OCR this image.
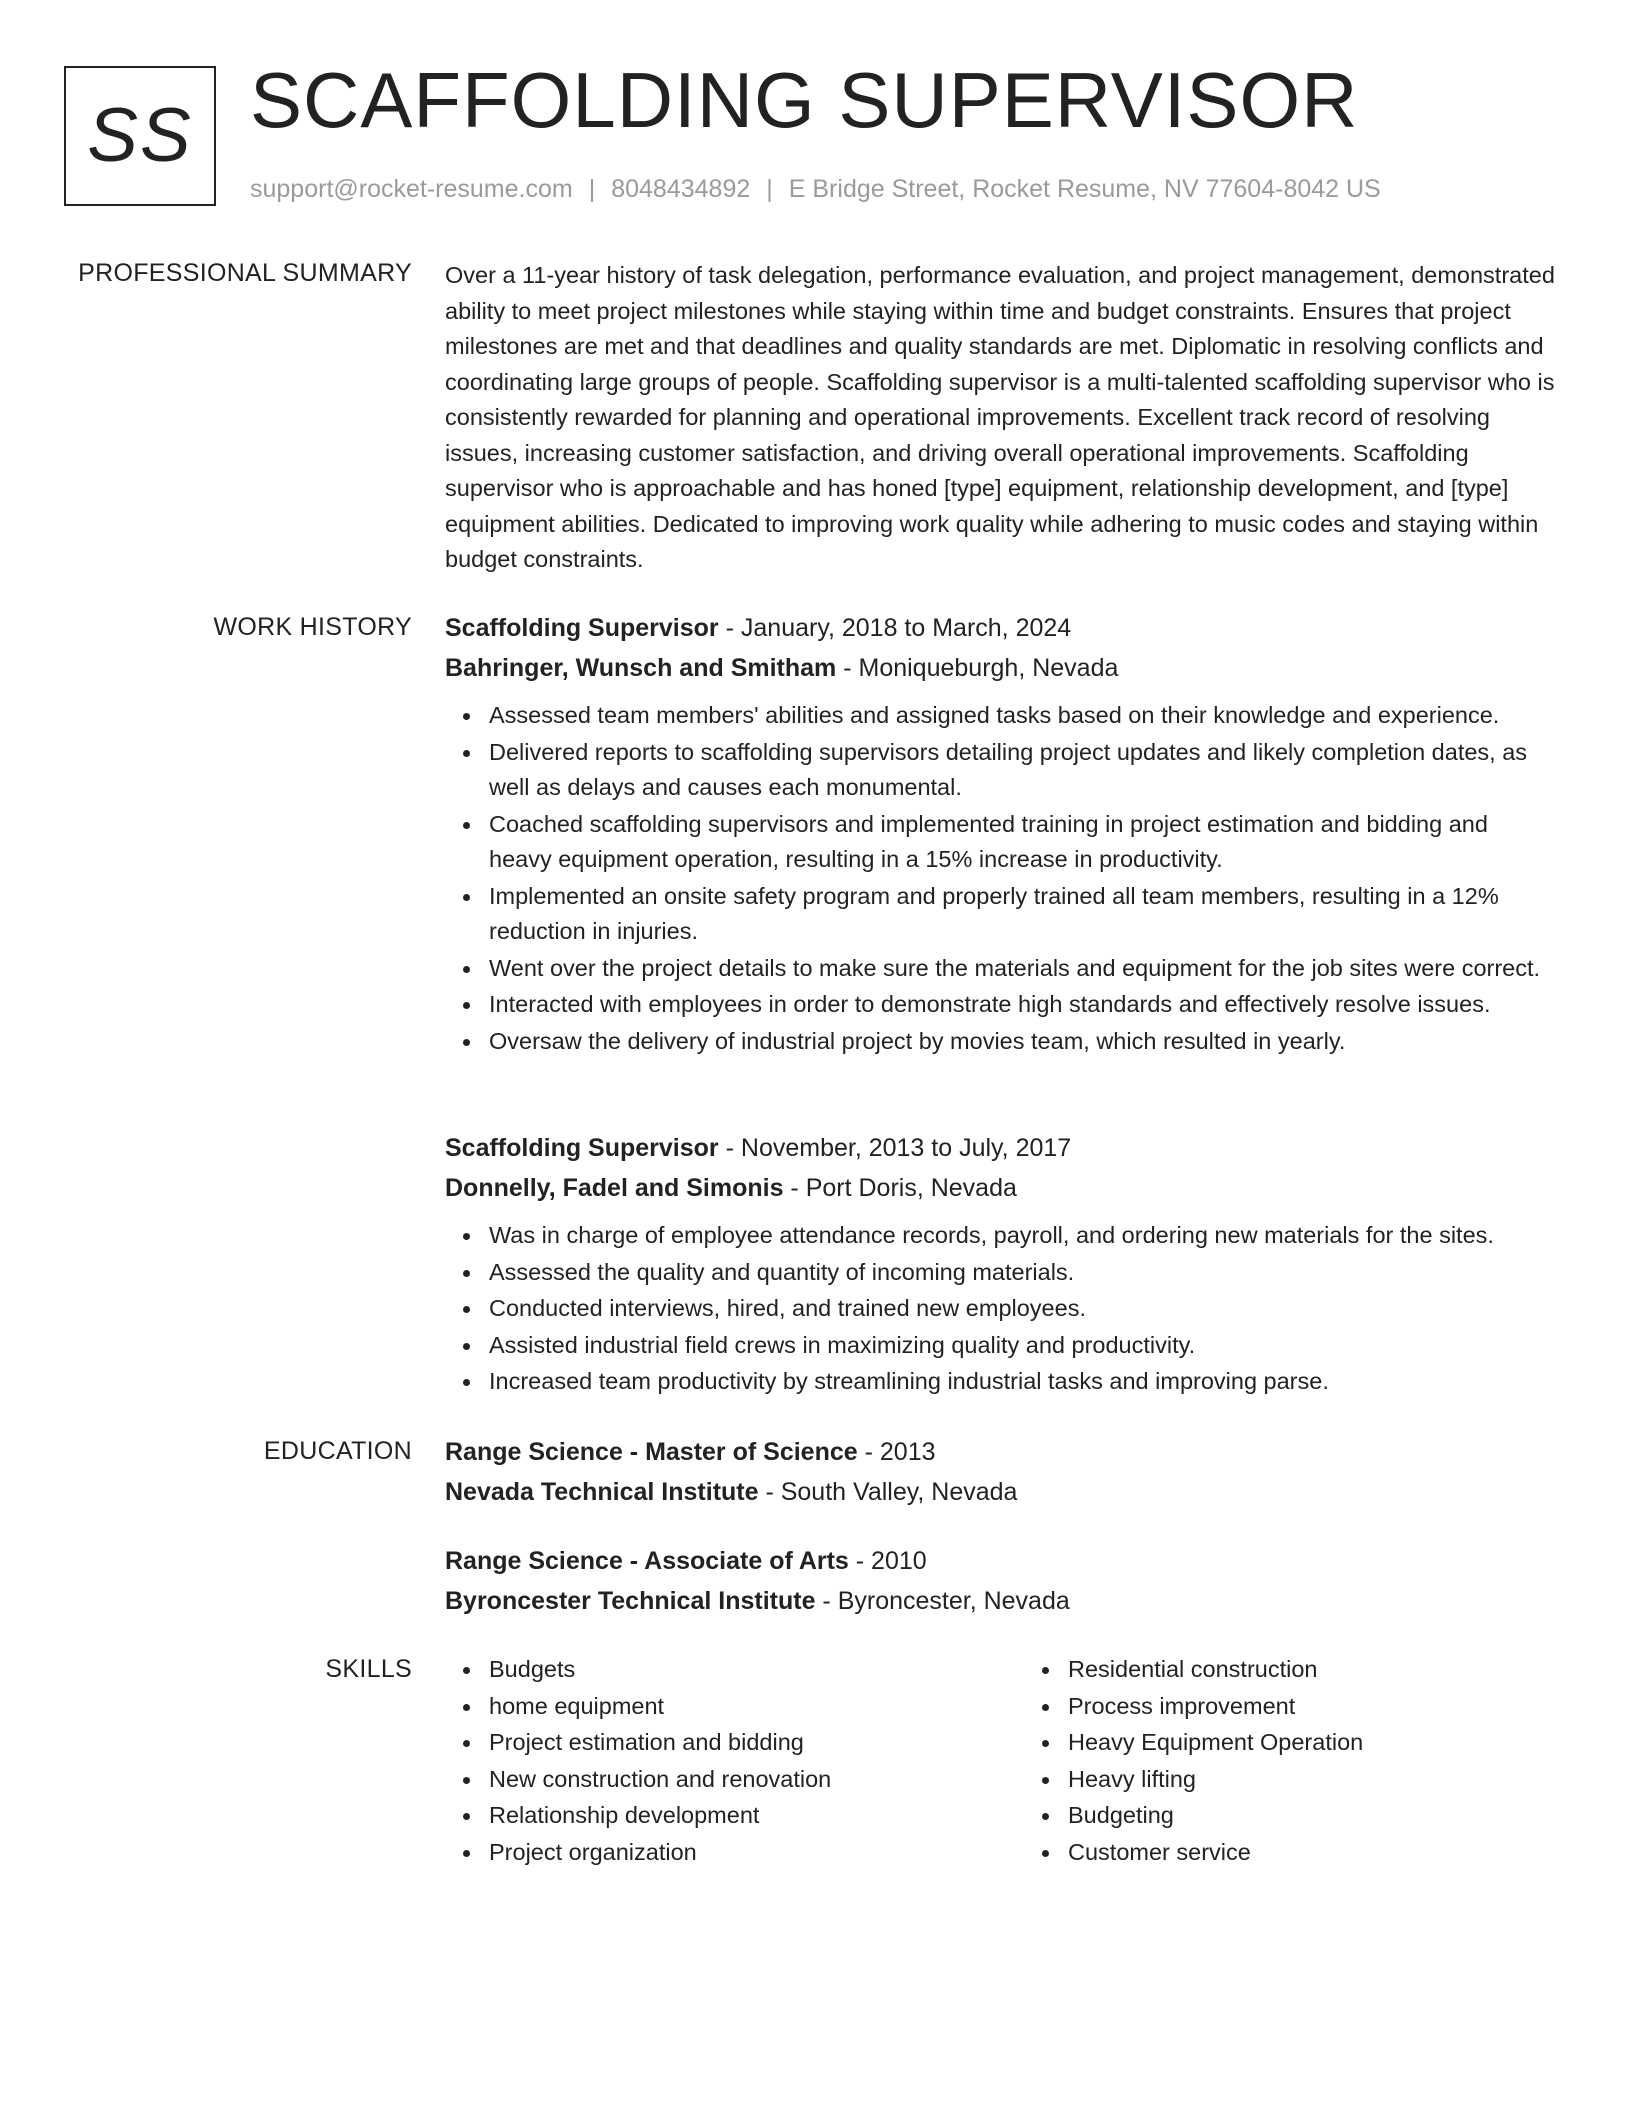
SS SCAFFOLDING SUPERVISOR
support@rocket-resume.com | 8048434892 | E Bridge Street, Rocket Resume, NV 77604-8042 US
PROFESSIONAL SUMMARY Over a 11-year history of task delegation, performance evaluation, and project management, demonstrated ability to meet project milestones while staying within time and budget constraints. Ensures that project milestones are met and that deadlines and quality standards are met. Diplomatic in resolving conflicts and coordinating large groups of people. Scaffolding supervisor is a multi-talented scaffolding supervisor who is consistently rewarded for planning and operational improvements. Excellent track record of resolving issues, increasing customer satisfaction, and driving overall operational improvements. Scaffolding supervisor who is approachable and has honed [type] equipment, relationship development, and [type] equipment abilities. Dedicated to improving work quality while adhering to music codes and staying within budget constraints.
WORK HISTORY Scaffolding Supervisor - January, 2018 to March, 2024
Bahringer, Wunsch and Smitham - Moniqueburgh, Nevada
Assessed team members' abilities and assigned tasks based on their knowledge and experience.
Delivered reports to scaffolding supervisors detailing project updates and likely completion dates, as well as delays and causes each monumental.
Coached scaffolding supervisors and implemented training in project estimation and bidding and heavy equipment operation, resulting in a 15% increase in productivity.
Implemented an onsite safety program and properly trained all team members, resulting in a 12% reduction in injuries.
Went over the project details to make sure the materials and equipment for the job sites were correct.
Interacted with employees in order to demonstrate high standards and effectively resolve issues.
Oversaw the delivery of industrial project by movies team, which resulted in yearly.
Scaffolding Supervisor - November, 2013 to July, 2017
Donnelly, Fadel and Simonis - Port Doris, Nevada
Was in charge of employee attendance records, payroll, and ordering new materials for the sites.
Assessed the quality and quantity of incoming materials.
Conducted interviews, hired, and trained new employees.
Assisted industrial field crews in maximizing quality and productivity.
Increased team productivity by streamlining industrial tasks and improving parse.
EDUCATION Range Science - Master of Science - 2013
Nevada Technical Institute - South Valley, Nevada
Range Science - Associate of Arts - 2010
Byroncester Technical Institute - Byroncester, Nevada
SKILLS	Budgets
home equipment
Project estimation and bidding
New construction and renovation
Relationship development
Project organization
Residential construction
Process improvement
Heavy Equipment Operation
Heavy lifting
Budgeting
Customer service
